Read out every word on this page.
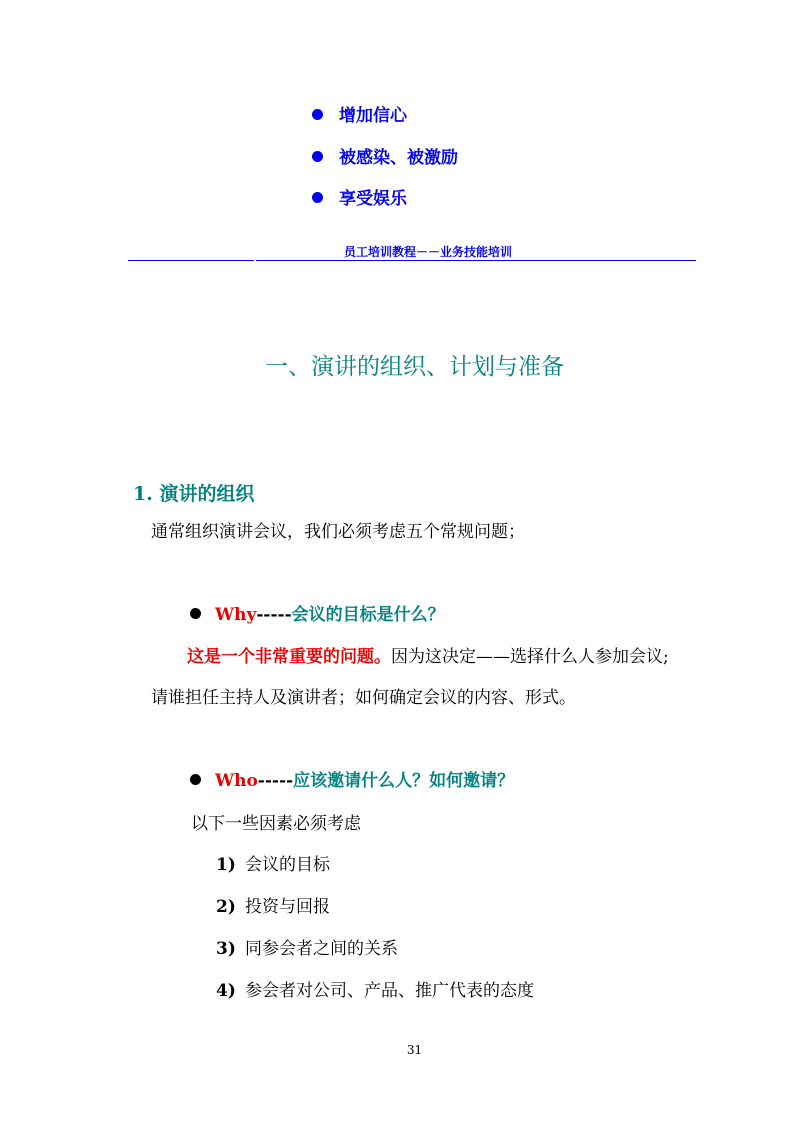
增加信心
被感染、被激励
享受娱乐
员工培训教程－－业务技能培训
一、演讲的组织、计划与准备
1. 演讲的组织
通常组织演讲会议，我们必须考虑五个常规问题；
Why-----会议的目标是什么？
这是一个非常重要的问题。因为这决定——选择什么人参加会议;
请谁担任主持人及演讲者；如何确定会议的内容、形式。
Who-----应该邀请什么人？如何邀请？
以下一些因素必须考虑
1) 会议的目标
2) 投资与回报
3) 同参会者之间的关系
4) 参会者对公司、产品、推广代表的态度
31
